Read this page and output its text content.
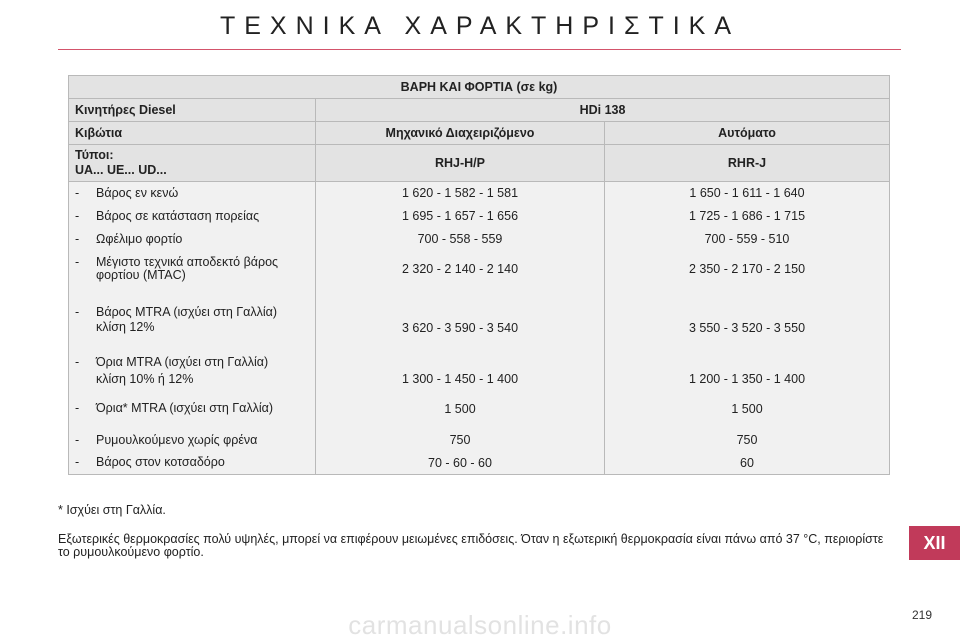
ΤΕΧΝΙΚΑ ΧΑΡΑΚΤΗΡΙΣΤΙΚΑ
ΒΑΡΗ ΚΑΙ ΦΟΡΤΙΑ (σε kg)		
Κινητήρες Diesel	HDi 138	
Κιβώτια	Μηχανικό Διαχειριζόμενο	Αυτόματο
Τύποι:
UA... UE... UD...	RHJ-H/P	RHR-J
- Βάρος εν κενώ	1 620 - 1 582 - 1 581	1 650 - 1 611 - 1 640
- Βάρος σε κατάσταση πορείας	1 695 - 1 657 - 1 656	1 725 - 1 686 - 1 715
- Ωφέλιμο φορτίο	700 - 558 - 559	700 - 559 - 510
- Μέγιστο τεχνικά αποδεκτό βάρος φορτίου (MTAC)	2 320 - 2 140 - 2 140	2 350 - 2 170 - 2 150
- Βάρος MTRA (ισχύει στη Γαλλία)		
κλίση 12%	3 620 - 3 590 - 3 540	3 550 - 3 520 - 3 550
- Όρια MTRA (ισχύει στη Γαλλία)		
κλίση 10% ή 12%	1 300 - 1 450 - 1 400	1 200 - 1 350 - 1 400
- Όρια* MTRA (ισχύει στη Γαλλία)	1 500	1 500
- Ρυμουλκούμενο χωρίς φρένα	750	750
- Βάρος στον κοτσαδόρο	70 - 60 - 60	60
* Ισχύει στη Γαλλία.
Εξωτερικές θερμοκρασίες πολύ υψηλές, μπορεί να επιφέρουν μειωμένες επιδόσεις. Όταν η εξωτερική θερμοκρασία είναι πάνω από 37 °C, περιορίστε το ρυμουλκούμενο φορτίο.	XII
219
carmanualsonline.info
